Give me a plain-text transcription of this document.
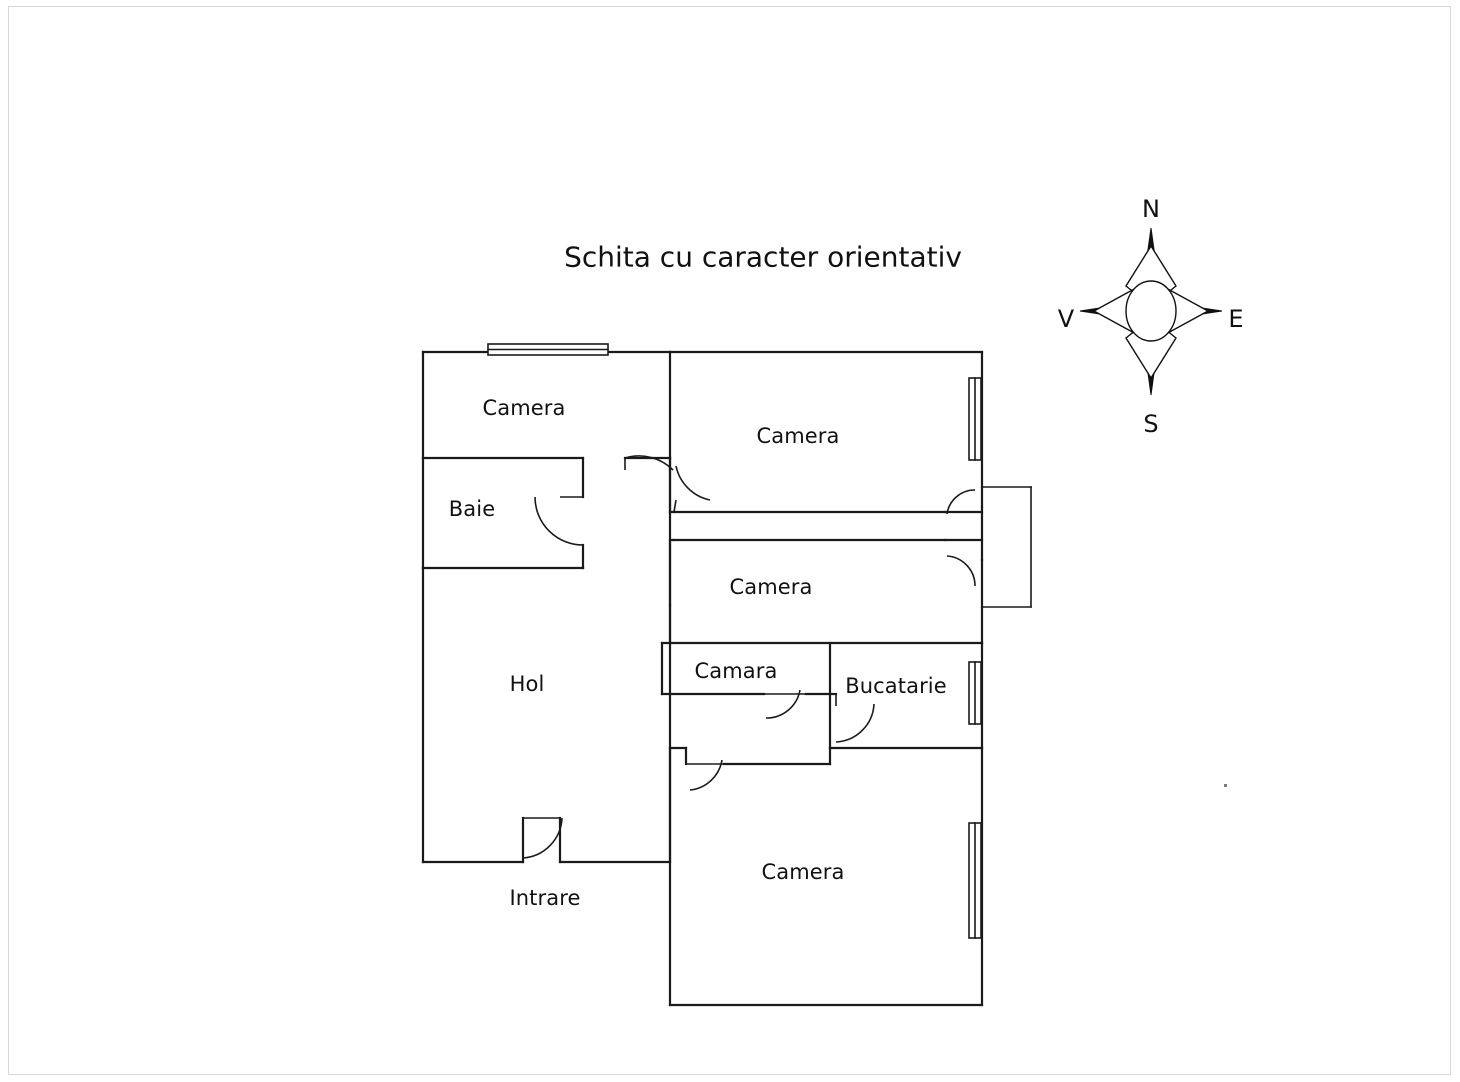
Schita cu caracter orientativ
Camera
Camera
Baie
Camera
Hol
Camara
Bucatarie
Camera
Intrare
N
E
S
V
